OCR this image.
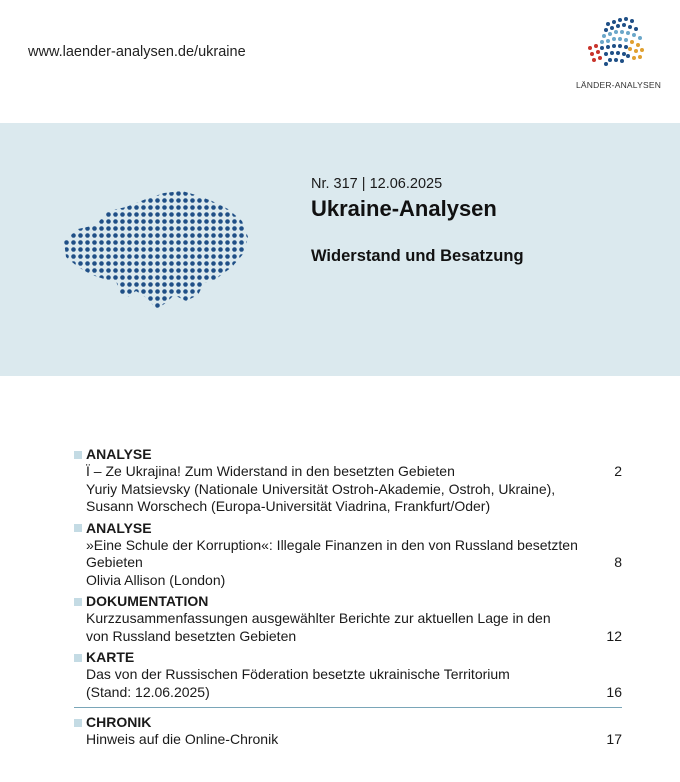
www.laender-analysen.de/ukraine
LÄNDER-ANALYSEN
Nr. 317 | 12.06.2025
Ukraine-Analysen
Widerstand und Besatzung
ANALYSE
Ї – Ze Ukrajina! Zum Widerstand in den besetzten Gebieten	2
Yuriy Matsievsky (Nationale Universität Ostroh-Akademie, Ostroh, Ukraine),
Susann Worschech (Europa-Universität Viadrina, Frankfurt/Oder)
ANALYSE
»Eine Schule der Korruption«: Illegale Finanzen in den von Russland besetzten
Gebieten	8
Olivia Allison (London)
DOKUMENTATION
Kurzzusammenfassungen ausgewählter Berichte zur aktuellen Lage in den
von Russland besetzten Gebieten	12
KARTE
Das von der Russischen Föderation besetzte ukrainische Territorium
(Stand: 12.06.2025)	16
CHRONIK
Hinweis auf die Online-Chronik	17
